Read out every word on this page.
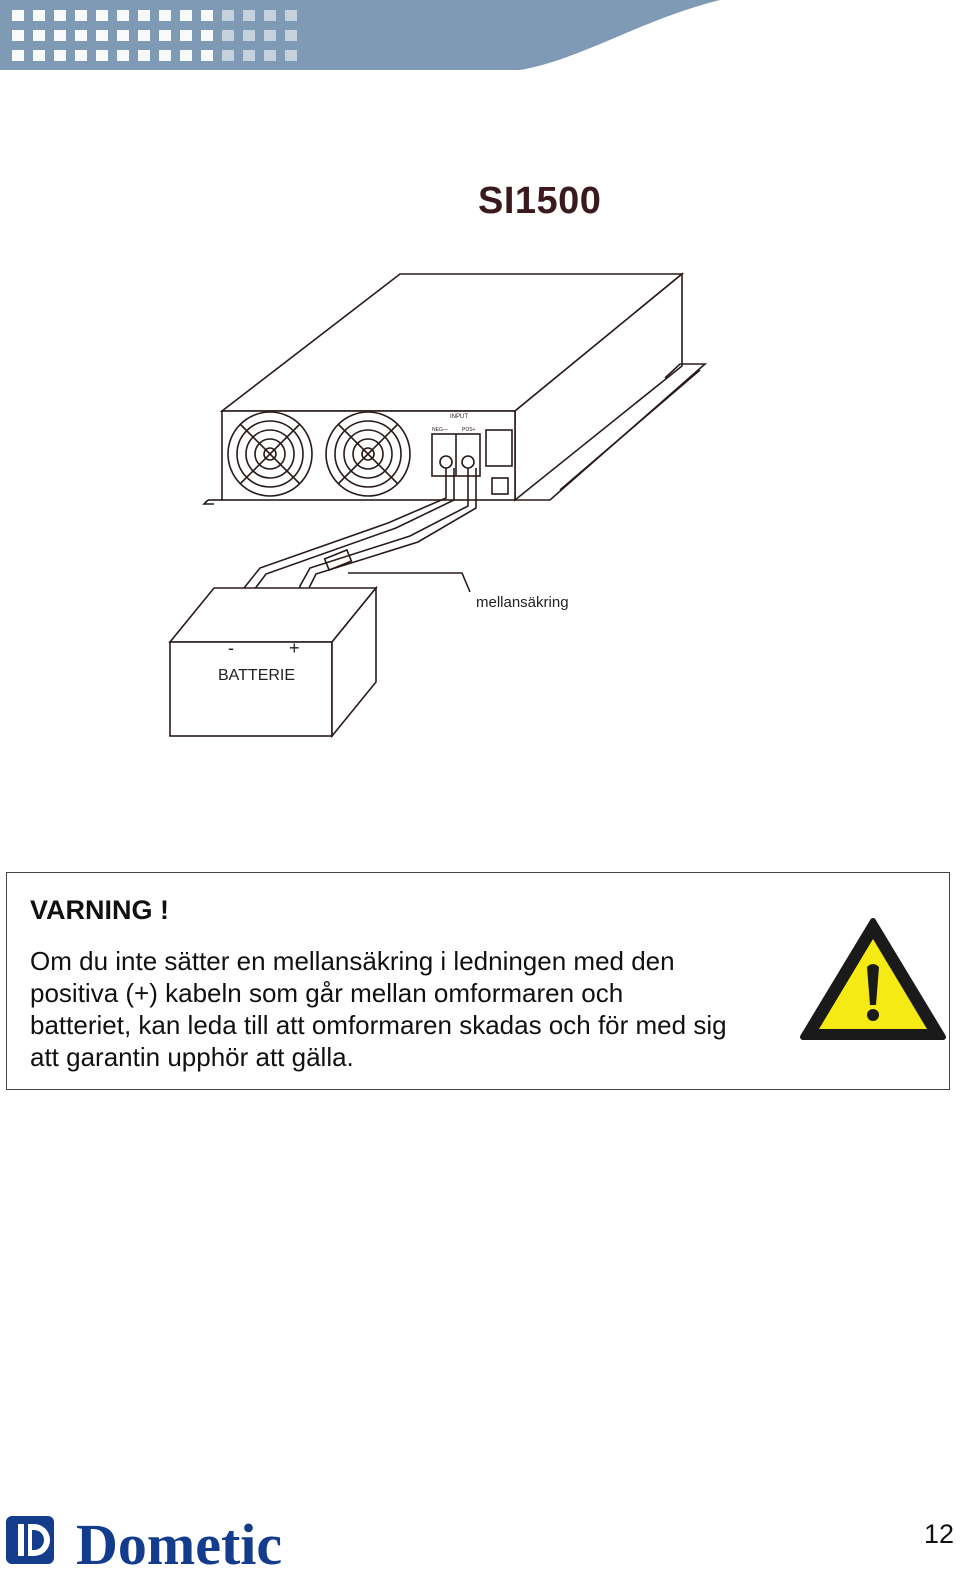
SI1500
INPUT
NEG—	POS+
mellansäkring
-	+
BATTERIE
VARNING !

Om du inte sätter en mellansäkring i ledningen med den
positiva (+) kabeln som går mellan omformaren och
batteriet, kan leda till att omformaren skadas och för med sig
att garantin upphör att gälla.

Dometic	12
